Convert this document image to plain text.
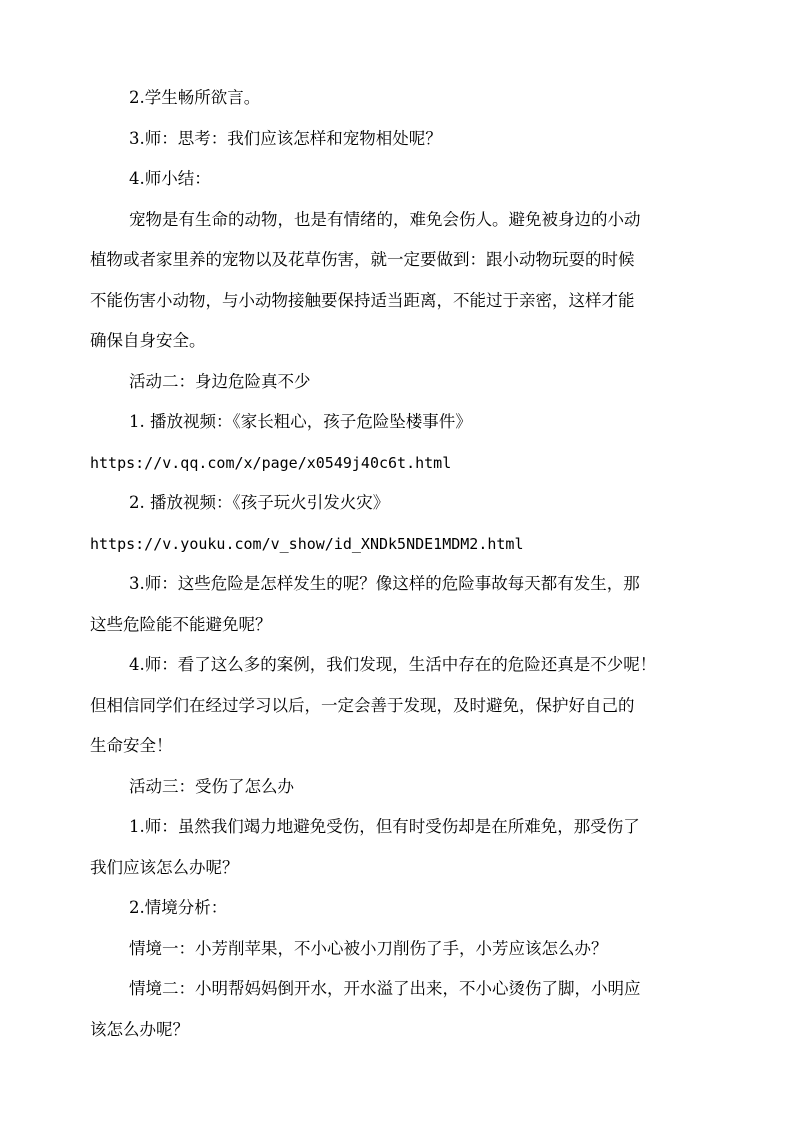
2.学生畅所欲言。
3.师：思考：我们应该怎样和宠物相处呢？
4.师小结：
宠物是有生命的动物，也是有情绪的，难免会伤人。避免被身边的小动
植物或者家里养的宠物以及花草伤害，就一定要做到：跟小动物玩耍的时候
不能伤害小动物，与小动物接触要保持适当距离，不能过于亲密，这样才能
确保自身安全。
活动二：身边危险真不少
1. 播放视频：《家长粗心，孩子危险坠楼事件》
https://v.qq.com/x/page/x0549j40c6t.html
2. 播放视频：《孩子玩火引发火灾》
https://v.youku.com/v_show/id_XNDk5NDE1MDM2.html
3.师：这些危险是怎样发生的呢？像这样的危险事故每天都有发生，那
这些危险能不能避免呢？
4.师：看了这么多的案例，我们发现，生活中存在的危险还真是不少呢！
但相信同学们在经过学习以后，一定会善于发现，及时避免，保护好自己的
生命安全！
活动三：受伤了怎么办
1.师：虽然我们竭力地避免受伤，但有时受伤却是在所难免，那受伤了
我们应该怎么办呢？
2.情境分析：
情境一：小芳削苹果，不小心被小刀削伤了手，小芳应该怎么办？
情境二：小明帮妈妈倒开水，开水溢了出来，不小心烫伤了脚，小明应
该怎么办呢？
